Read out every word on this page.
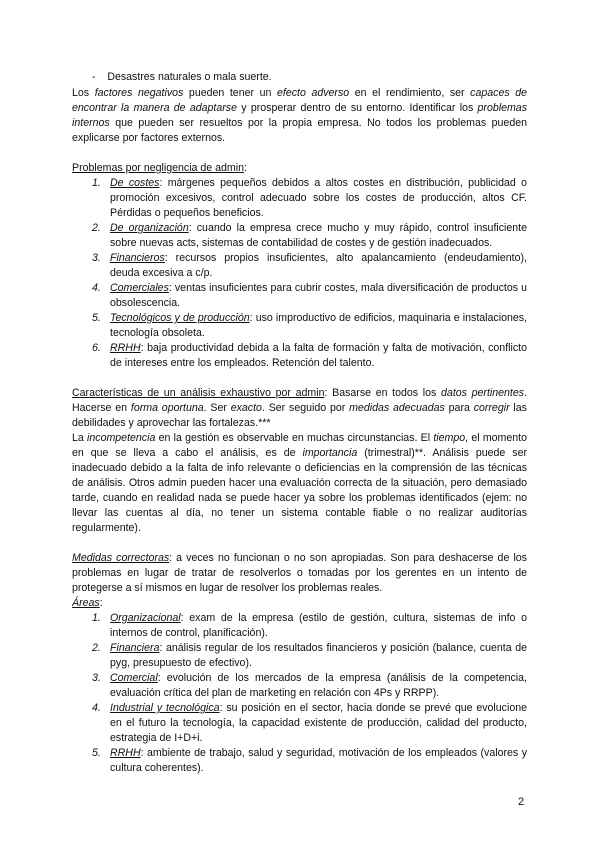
-    Desastres naturales o mala suerte.

Los factores negativos pueden tener un efecto adverso en el rendimiento, ser capaces de encontrar la manera de adaptarse y prosperar dentro de su entorno. Identificar los problemas internos que pueden ser resueltos por la propia empresa. No todos los problemas pueden explicarse por factores externos.

Problemas por negligencia de admin:

1. De costes: márgenes pequeños debidos a altos costes en distribución, publicidad o promoción excesivos, control adecuado sobre los costes de producción, altos CF. Pérdidas o pequeños beneficios.
2. De organización: cuando la empresa crece mucho y muy rápido, control insuficiente sobre nuevas acts, sistemas de contabilidad de costes y de gestión inadecuados.
3. Financieros: recursos propios insuficientes, alto apalancamiento (endeudamiento), deuda excesiva a c/p.
4. Comerciales: ventas insuficientes para cubrir costes, mala diversificación de productos u obsolescencia.
5. Tecnológicos y de producción: uso improductivo de edificios, maquinaria e instalaciones, tecnología obsoleta.
6. RRHH: baja productividad debida a la falta de formación y falta de motivación, conflicto de intereses entre los empleados. Retención del talento.

Características de un análisis exhaustivo por admin: Basarse en todos los datos pertinentes. Hacerse en forma oportuna. Ser exacto. Ser seguido por medidas adecuadas para corregir las debilidades y aprovechar las fortalezas.***

La incompetencia en la gestión es observable en muchas circunstancias. El tiempo, el momento en que se lleva a cabo el análisis, es de importancia (trimestral)**. Análisis puede ser inadecuado debido a la falta de info relevante o deficiencias en la comprensión de las técnicas de análisis. Otros admin pueden hacer una evaluación correcta de la situación, pero demasiado tarde, cuando en realidad nada se puede hacer ya sobre los problemas identificados (ejem: no llevar las cuentas al día, no tener un sistema contable fiable o no realizar auditorías regularmente).

Medidas correctoras: a veces no funcionan o no son apropiadas. Son para deshacerse de los problemas en lugar de tratar de resolverlos o tomadas por los gerentes en un intento de protegerse a sí mismos en lugar de resolver los problemas reales.

Áreas:

1. Organizacional: exam de la empresa (estilo de gestión, cultura, sistemas de info o internos de control, planificación).
2. Financiera: análisis regular de los resultados financieros y posición (balance, cuenta de pyg, presupuesto de efectivo).
3. Comercial: evolución de los mercados de la empresa (análisis de la competencia, evaluación crítica del plan de marketing en relación con 4Ps y RRPP).
4. Industrial y tecnológica: su posición en el sector, hacia donde se prevé que evolucione en el futuro la tecnología, la capacidad existente de producción, calidad del producto, estrategia de I+D+i.
5. RRHH: ambiente de trabajo, salud y seguridad, motivación de los empleados (valores y cultura coherentes).
2
